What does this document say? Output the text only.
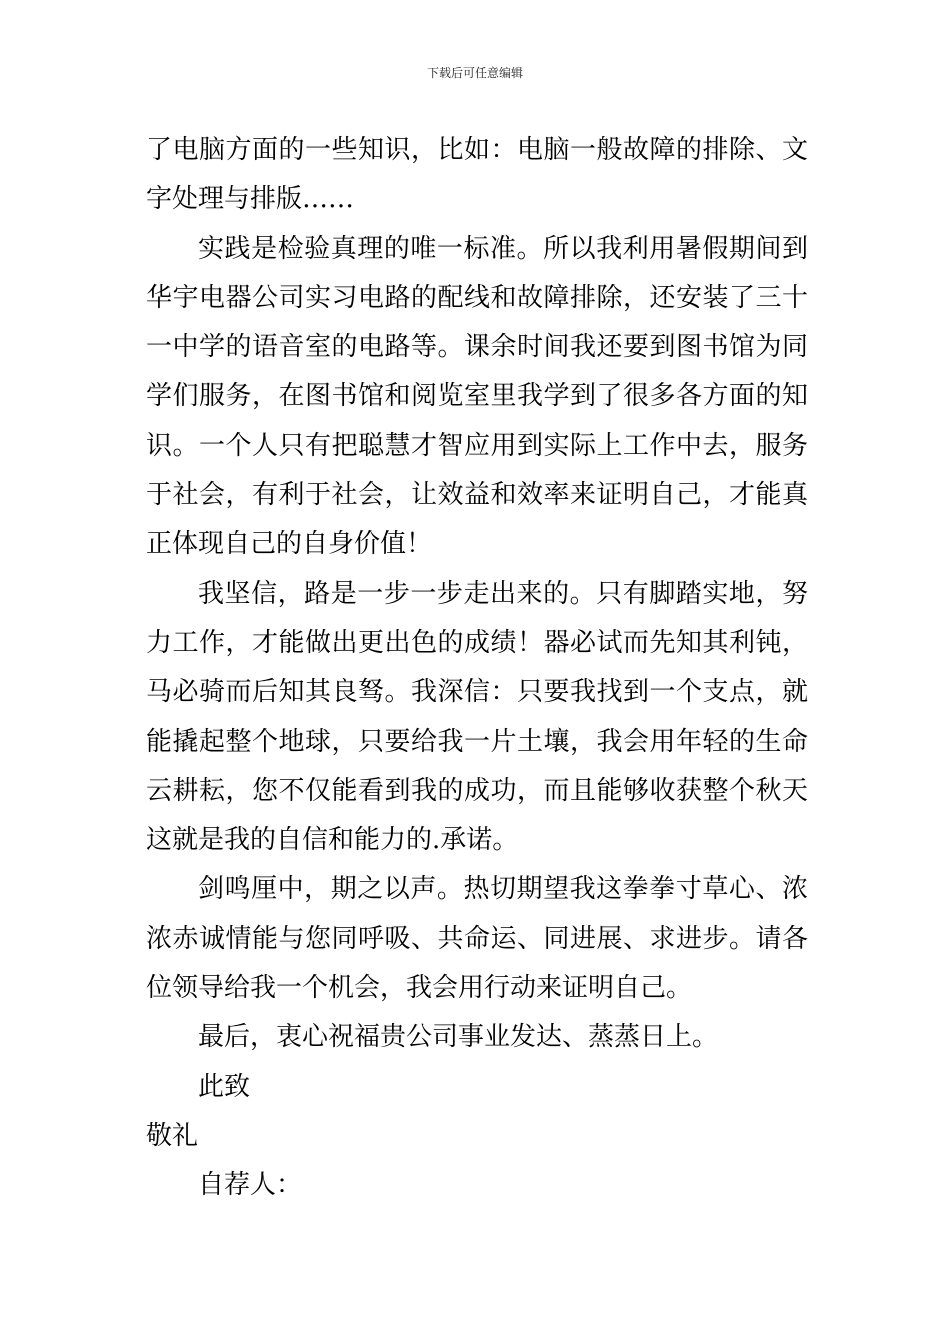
下载后可任意编辑
了电脑方面的一些知识，比如：电脑一般故障的排除、文
字处理与排版……
实践是检验真理的唯一标准。所以我利用暑假期间到
华宇电器公司实习电路的配线和故障排除，还安装了三十
一中学的语音室的电路等。课余时间我还要到图书馆为同
学们服务，在图书馆和阅览室里我学到了很多各方面的知
识。一个人只有把聪慧才智应用到实际上工作中去，服务
于社会，有利于社会，让效益和效率来证明自己，才能真
正体现自己的自身价值！
我坚信，路是一步一步走出来的。只有脚踏实地，努
力工作，才能做出更出色的成绩！器必试而先知其利钝，
马必骑而后知其良驽。我深信：只要我找到一个支点，就
能撬起整个地球，只要给我一片土壤，我会用年轻的生命
云耕耘，您不仅能看到我的成功，而且能够收获整个秋天
这就是我的自信和能力的.承诺。
剑鸣厘中，期之以声。热切期望我这拳拳寸草心、浓
浓赤诚情能与您同呼吸、共命运、同进展、求进步。请各
位领导给我一个机会，我会用行动来证明自己。
最后，衷心祝福贵公司事业发达、蒸蒸日上。
此致
敬礼
自荐人：
